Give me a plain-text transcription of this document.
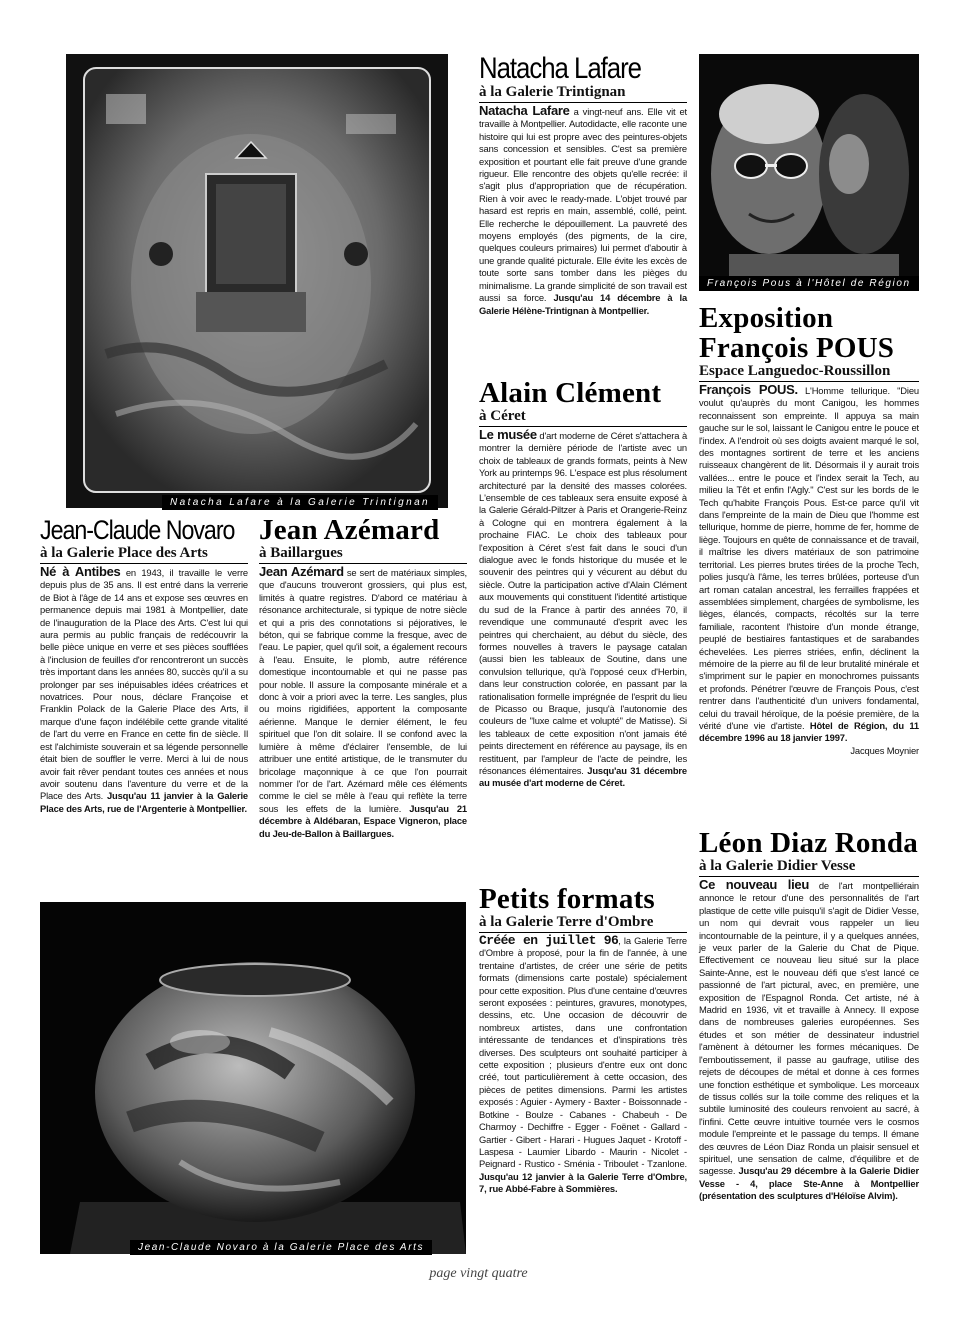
Natacha Lafare à la Galerie Trintignan
François Pous à l'Hôtel de Région
Jean-Claude Novaro à la Galerie Place des Arts
Natacha Lafare
à la Galerie Trintignan

Natacha Lafare a vingt-neuf ans. Elle vit et travaille à Montpellier. Autodidacte, elle raconte une histoire qui lui est propre avec des peintures-objets sans concession et sensibles. C'est sa première exposition et pourtant elle fait preuve d'une grande rigueur. Elle rencontre des objets qu'elle recrée: il s'agit plus d'appropriation que de récupération. Rien à voir avec le ready-made. L'objet trouvé par hasard est repris en main, assemblé, collé, peint. Elle recherche le dépouillement. La pauvreté des moyens employés (des pigments, de la cire, quelques couleurs primaires) lui permet d'aboutir à une grande qualité picturale. Elle évite les excès de toute sorte sans tomber dans les pièges du minimalisme. La grande simplicité de son travail est aussi sa force. Jusqu'au 14 décembre à la Galerie Hélène-Trintignan à Montpellier.

Alain Clément
à Céret

Le musée d'art moderne de Céret s'attachera à montrer la dernière période de l'artiste avec un choix de tableaux de grands formats, peints à New York au printemps 96. L'espace est plus résolument architecturé par la densité des masses colorées. L'ensemble de ces tableaux sera ensuite exposé à la Galerie Gérald-Piltzer à Paris et Orangerie-Reinz à Cologne qui en montrera également à la prochaine FIAC. Le choix des tableaux pour l'exposition à Céret s'est fait dans le souci d'un dialogue avec le fonds historique du musée et le souvenir des peintres qui y vécurent au début du siècle. Outre la participation active d'Alain Clément aux mouvements qui constituent l'identité artistique du sud de la France à partir des années 70, il revendique une communauté d'esprit avec les peintres qui cherchaient, au début du siècle, des formes nouvelles à travers le paysage catalan (aussi bien les tableaux de Soutine, dans une convulsion tellurique, qu'à l'opposé ceux d'Herbin, dans leur construction colorée, en passant par la rationalisation formelle imprégnée de l'esprit du lieu de Picasso ou Braque, jusqu'à l'autonomie des couleurs de "luxe calme et volupté" de Matisse). Si les tableaux de cette exposition n'ont jamais été peints directement en référence au paysage, ils en restituent, par l'ampleur de l'acte de peindre, les résonances élémentaires. Jusqu'au 31 décembre au musée d'art moderne de Céret.

Petits formats
à la Galerie Terre d'Ombre

Créée en juillet 96, la Galerie Terre d'Ombre à proposé, pour la fin de l'année, à une trentaine d'artistes, de créer une série de petits formats (dimensions carte postale) spécialement pour cette exposition. Plus d'une centaine d'œuvres seront exposées : peintures, gravures, monotypes, dessins, etc. Une occasion de découvrir de nombreux artistes, dans une confrontation intéressante de tendances et d'inspirations très diverses. Des sculpteurs ont souhaité participer à cette exposition ; plusieurs d'entre eux ont donc créé, tout particulièrement à cette occasion, des pièces de petites dimensions. Parmi les artistes exposés : Aguier - Aymery - Baxter - Boissonnade - Botkine - Boulze - Cabanes - Chabeuh - De Charmoy - Dechiffre - Egger - Foënet - Gallard - Gartier - Gibert - Harari - Hugues Jaquet - Krotoff - Laspesa - Laumier Libardo - Maurin - Nicolet - Peignard - Rustico - Sménia - Triboulet - Tzanlone. Jusqu'au 12 janvier à la Galerie Terre d'Ombre, 7, rue Abbé-Fabre à Sommières.

Exposition
François POUS
Espace Languedoc-Roussillon

François POUS. L'Homme tellurique. "Dieu voulut qu'auprès du mont Canigou, les hommes reconnaissent son empreinte. Il appuya sa main gauche sur le sol, laissant le Canigou entre le pouce et l'index. A l'endroit où ses doigts avaient marqué le sol, des montagnes sortirent de terre et les anciens ruisseaux changèrent de lit. Désormais il y aurait trois vallées... entre le pouce et l'index serait la Tech, au milieu la Têt et enfin l'Agly." C'est sur les bords de le Tech qu'habite François Pous. Est-ce parce qu'il vit dans l'empreinte de la main de Dieu que l'homme est tellurique, homme de pierre, homme de fer, homme de liège. Toujours en quête de connaissance et de travail, il maîtrise les divers matériaux de son patrimoine territorial. Les pierres brutes tirées de la proche Tech, polies jusqu'à l'âme, les terres brûlées, porteuse d'un art roman catalan ancestral, les ferrailles frappées et assemblées simplement, chargées de symbolisme, les lièges, élancés, compacts, récoltés sur la terre familiale, racontent l'histoire d'un monde étrange, peuplé de bestiaires fantastiques et de sarabandes échevelées. Les pierres striées, enfin, déclinent la mémoire de la pierre au fil de leur brutalité minérale et s'impriment sur le papier en monochromes puissants et profonds. Pénétrer l'œuvre de François Pous, c'est rentrer dans l'authenticité d'un univers fondamental, celui du travail héroïque, de la poésie première, de la vérité d'une vie d'artiste. Hôtel de Région, du 11 décembre 1996 au 18 janvier 1997.
Jacques Moynier

Léon Diaz Ronda
à la Galerie Didier Vesse

Ce nouveau lieu de l'art montpelliérain annonce le retour d'une des personnalités de l'art plastique de cette ville puisqu'il s'agit de Didier Vesse, un nom qui devrait vous rappeler un lieu incontournable de la peinture, il y a quelques années, je veux parler de la Galerie du Chat de Pique. Effectivement ce nouveau lieu situé sur la place Sainte-Anne, est le nouveau défi que s'est lancé ce passionné de l'art pictural, avec, en première, une exposition de l'Espagnol Ronda. Cet artiste, né à Madrid en 1936, vit et travaille à Annecy. Il expose dans de nombreuses galeries européennes. Ses études et son métier de dessinateur industriel l'amènent à détourner les formes mécaniques. De l'emboutissement, il passe au gaufrage, utilise des rejets de découpes de métal et donne à ces formes une fonction esthétique et symbolique. Les morceaux de tissus collés sur la toile comme des reliques et la subtile luminosité des couleurs renvoient au sacré, à l'infini. Cette œuvre intuitive tournée vers le cosmos module l'empreinte et le passage du temps. Il émane des œuvres de Léon Diaz Ronda un plaisir sensuel et spirituel, une sensation de calme, d'équilibre et de sagesse. Jusqu'au 29 décembre à la Galerie Didier Vesse - 4, place Ste-Anne à Montpellier (présentation des sculptures d'Héloïse Alvim).

Jean-Claude Novaro
à la Galerie Place des Arts

Né à Antibes en 1943, il travaille le verre depuis plus de 35 ans. Il est entré dans la verrerie de Biot à l'âge de 14 ans et expose ses œuvres en permanence depuis mai 1981 à Montpellier, date de l'inauguration de la Place des Arts. C'est lui qui aura permis au public français de redécouvrir la belle pièce unique en verre et ses pièces soufflées à l'inclusion de feuilles d'or rencontreront un succès très important dans les années 80, succès qu'il a su prolonger par ses inépuisables idées créatrices et novatrices. Pour nous, déclare Françoise et Franklin Polack de la Galerie Place des Arts, il marque d'une façon indélébile cette grande vitalité de l'art du verre en France en cette fin de siècle. Il est l'alchimiste souverain et sa légende personnelle était bien de souffler le verre. Merci à lui de nous avoir fait rêver pendant toutes ces années et nous avoir soutenu dans l'aventure du verre et de la Place des Arts. Jusqu'au 11 janvier à la Galerie Place des Arts, rue de l'Argenterie à Montpellier.

Jean Azémard
à Baillargues

Jean Azémard se sert de matériaux simples, que d'aucuns trouveront grossiers, qui plus est, limités à quatre registres. D'abord ce matériau à résonance architecturale, si typique de notre siècle et qui a pris des connotations si péjoratives, le béton, qui se fabrique comme la fresque, avec de l'eau. Le papier, quel qu'il soit, a également recours à l'eau. Ensuite, le plomb, autre référence domestique incontournable et qui ne passe pas pour noble. Il assure la composante minérale et a donc à voir a priori avec la terre. Les sangles, plus ou moins rigidifiées, apportent la composante aérienne. Manque le dernier élément, le feu spirituel que l'on dit solaire. Il se confond avec la lumière à même d'éclairer l'ensemble, de lui attribuer une entité artistique, de le transmuter du bricolage maçonnique à ce que l'on pourrait nommer l'or de l'art. Azémard mêle ces éléments comme le ciel se mêle à l'eau qui reflète la terre sous les effets de la lumière. Jusqu'au 21 décembre à Aldébaran, Espace Vigneron, place du Jeu-de-Ballon à Baillargues.

page vingt quatre
